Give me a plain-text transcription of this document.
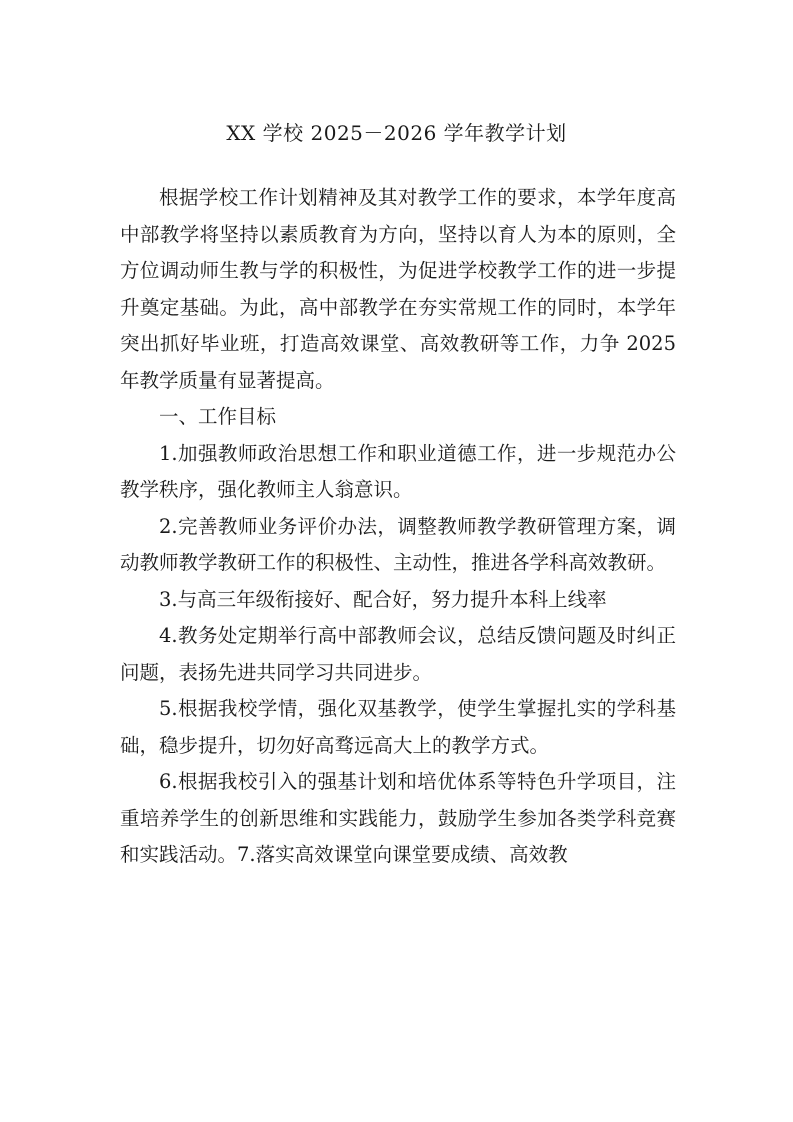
XX 学校 2025－2026 学年教学计划

根据学校工作计划精神及其对教学工作的要求，本学年度高中部教学将坚持以素质教育为方向，坚持以育人为本的原则，全方位调动师生教与学的积极性，为促进学校教学工作的进一步提升奠定基础。为此，高中部教学在夯实常规工作的同时，本学年突出抓好毕业班，打造高效课堂、高效教研等工作，力争 2025 年教学质量有显著提高。

一、工作目标

1.加强教师政治思想工作和职业道德工作，进一步规范办公教学秩序，强化教师主人翁意识。

2.完善教师业务评价办法，调整教师教学教研管理方案，调动教师教学教研工作的积极性、主动性，推进各学科高效教研。

3.与高三年级衔接好、配合好，努力提升本科上线率

4.教务处定期举行高中部教师会议，总结反馈问题及时纠正问题，表扬先进共同学习共同进步。

5.根据我校学情，强化双基教学，使学生掌握扎实的学科基础，稳步提升，切勿好高骛远高大上的教学方式。

6.根据我校引入的强基计划和培优体系等特色升学项目，注重培养学生的创新思维和实践能力，鼓励学生参加各类学科竞赛和实践活动。7.落实高效课堂向课堂要成绩、高效教
